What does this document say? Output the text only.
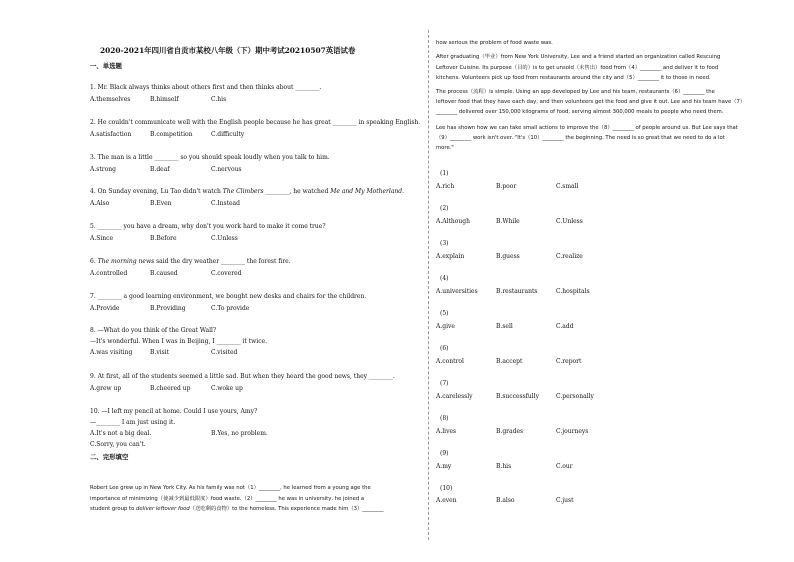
2020-2021年四川省自贡市某校八年级（下）期中考试20210507英语试卷
一、单选题
1. Mr. Black always thinks about others first and then thinks about ________.
A.themselves	B.himself	C.his
2. He couldn't communicate well with the English people because he has great ________ in speaking English.
A.satisfaction	B.competition	C.difficulty
3. The man is a little ________ so you should speak loudly when you talk to him.
A.strong	B.deaf	C.nervous
4. On Sunday evening, Lu Tao didn't watch The Climbers ________, he watched Me and My Motherland.
A.Also	B.Even	C.Instead
5. ________ you have a dream, why don't you work hard to make it come true?
A.Since	B.Before	C.Unless
6. The morning news said the dry weather ________ the forest fire.
A.controlled	B.caused	C.covered
7. ________ a good learning environment, we bought new desks and chairs for the children.
A.Provide	B.Providing	C.To provide
8. —What do you think of the Great Wall?
—It's wonderful. When I was in Beijing, I ________ it twice.
A.was visiting	B.visit	C.visited
9. At first, all of the students seemed a little sad. But when they heard the good news, they ________.
A.grew up	B.cheered up	C.woke up
10. —I left my pencil at home. Could I use yours, Amy?
—________ I am just using it.
A.It's not a big deal.	B.Yes, no problem.
C.Sorry, you can't.
二、完形填空
Robert Lee grew up in New York City. As his family was not（1）________, he learned from a young age the
importance of minimizing（使减少到最低限度）food waste.（2）________ he was in university, he joined a
student group to deliver leftover food（送吃剩的食物）to the homeless. This experience made him（3）________
how serious the problem of food waste was.
After graduating（毕业）from New York University, Lee and a friend started an organization called Rescuing
Leftover Cuisine. Its purpose（目的）is to get unsold（未售出）food from（4）________ and deliver it to food
kitchens. Volunteers pick up food from restaurants around the city and（5）________ it to those in need.
The process（流程）is simple. Using an app developed by Lee and his team, restaurants（6）________ the
leftover food that they have each day, and then volunteers get the food and give it out. Lee and his team have（7）
________ delivered over 150,000 kilograms of food, serving almost 300,000 meals to people who need them.
Lee has shown how we can take small actions to improve the（8）________ of people around us. But Lee says that
（9）________ work isn't over. "It's（10）________ the beginning. The need is so great that we need to do a lot
more."
(1)
A.rich	B.poor	C.small
(2)
A.Although	B.While	C.Unless
(3)
A.explain	B.guess	C.realize
(4)
A.universities	B.restaurants	C.hospitals
(5)
A.give	B.sell	C.add
(6)
A.control	B.accept	C.report
(7)
A.carelessly	B.successfully	C.personally
(8)
A.lives	B.grades	C.journeys
(9)
A.my	B.his	C.our
(10)
A.even	B.also	C.just
